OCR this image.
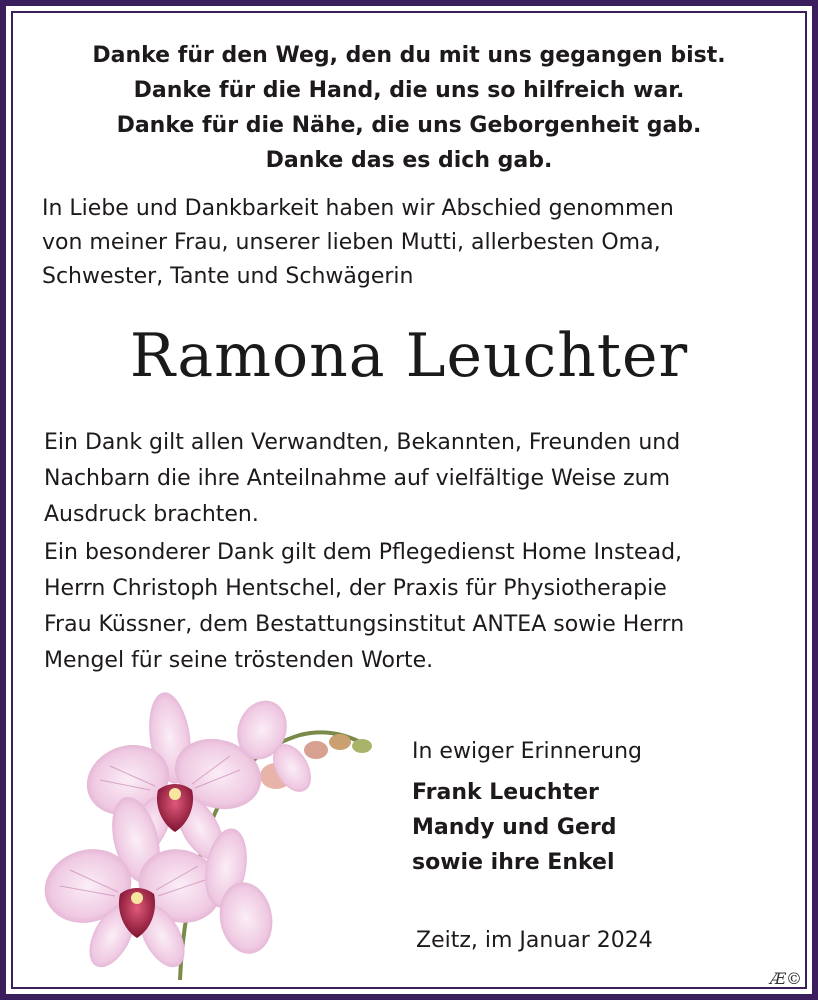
Danke für den Weg, den du mit uns gegangen bist.
Danke für die Hand, die uns so hilfreich war.
Danke für die Nähe, die uns Geborgenheit gab.
Danke das es dich gab.
In Liebe und Dankbarkeit haben wir Abschied genommen
von meiner Frau, unserer lieben Mutti, allerbesten Oma,
Schwester, Tante und Schwägerin
Ramona Leuchter
Ein Dank gilt allen Verwandten, Bekannten, Freunden und
Nachbarn die ihre Anteilnahme auf vielfältige Weise zum
Ausdruck brachten.
Ein besonderer Dank gilt dem Pflegedienst Home Instead,
Herrn Christoph Hentschel, der Praxis für Physiotherapie
Frau Küssner, dem Bestattungsinstitut ANTEA sowie Herrn
Mengel für seine tröstenden Worte.
In ewiger Erinnerung
Frank Leuchter
Mandy und Gerd
sowie ihre Enkel
Zeitz, im Januar 2024
Æ©
